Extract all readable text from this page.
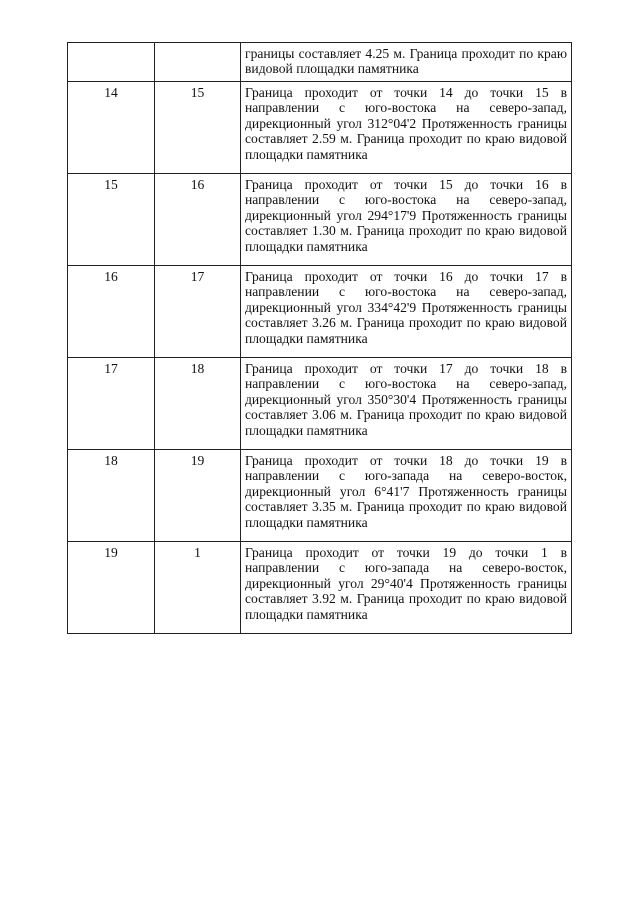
		границы составляет 4.25 м. Граница проходит по краю видовой площадки памятника
14	15	Граница проходит от точки 14 до точки 15 в направлении с юго-востока на северо-запад, дирекционный угол 312°04'2 Протяженность границы составляет 2.59 м. Граница проходит по краю видовой площадки памятника
15	16	Граница проходит от точки 15 до точки 16 в направлении с юго-востока на северо-запад, дирекционный угол 294°17'9 Протяженность границы составляет 1.30 м. Граница проходит по краю видовой площадки памятника
16	17	Граница проходит от точки 16 до точки 17 в направлении с юго-востока на северо-запад, дирекционный угол 334°42'9 Протяженность границы составляет 3.26 м. Граница проходит по краю видовой площадки памятника
17	18	Граница проходит от точки 17 до точки 18 в направлении с юго-востока на северо-запад, дирекционный угол 350°30'4 Протяженность границы составляет 3.06 м. Граница проходит по краю видовой площадки памятника
18	19	Граница проходит от точки 18 до точки 19 в направлении с юго-запада на северо-восток, дирекционный угол 6°41'7 Протяженность границы составляет 3.35 м. Граница проходит по краю видовой площадки памятника
19	1	Граница проходит от точки 19 до точки 1 в направлении с юго-запада на северо-восток, дирекционный угол 29°40'4 Протяженность границы составляет 3.92 м. Граница проходит по краю видовой площадки памятника
